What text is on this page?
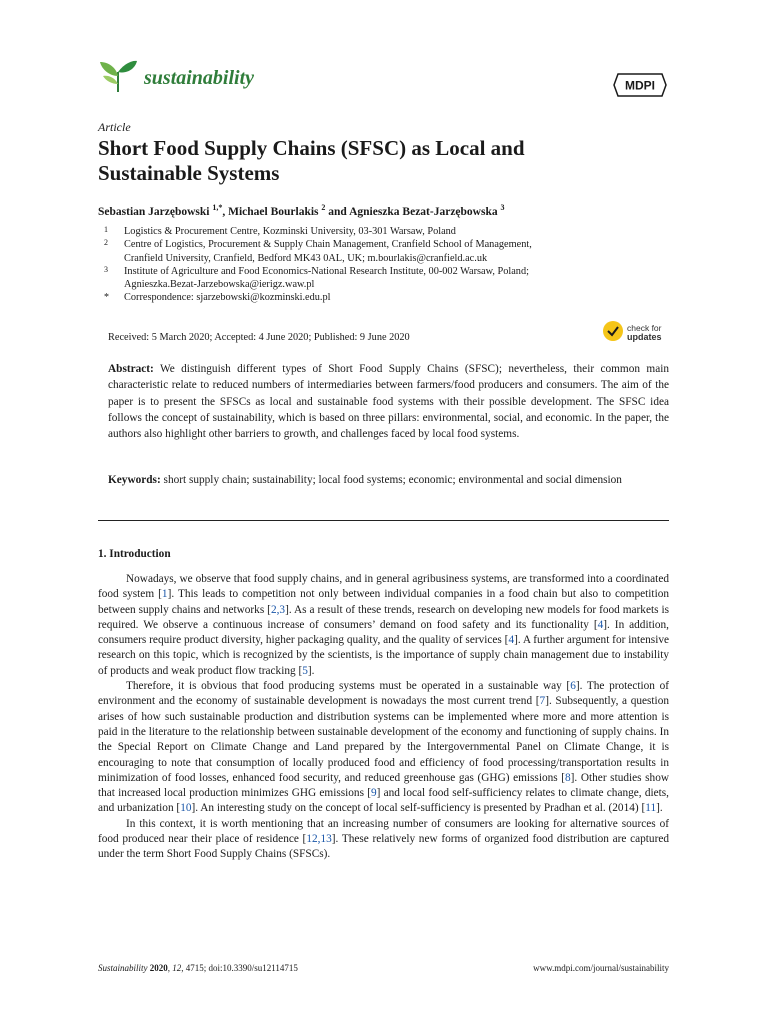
sustainability	MDPI
Article
Short Food Supply Chains (SFSC) as Local and
Sustainable Systems
Sebastian Jarzębowski $^{1,*}$, Michael Bourlakis $^2$ and Agnieszka Bezat-Jarzębowska $^3$
1 Logistics & Procurement Centre, Kozminski University, 03-301 Warsaw, Poland
2 Centre of Logistics, Procurement & Supply Chain Management, Cranfield School of Management,
Cranfield University, Cranfield, Bedford MK43 0AL, UK; m.bourlakis@cranfield.ac.uk
3 Institute of Agriculture and Food Economics-National Research Institute, 00-002 Warsaw, Poland;
Agnieszka.Bezat-Jarzebowska@ierigz.waw.pl
* Correspondence: sjarzebowski@kozminski.edu.pl
Received: 5 March 2020; Accepted: 4 June 2020; Published: 9 June 2020
check for
updates
Abstract: We distinguish different types of Short Food Supply Chains (SFSC); nevertheless, their common main characteristic relate to reduced numbers of intermediaries between farmers/food producers and consumers. The aim of the paper is to present the SFSCs as local and sustainable food systems with their possible development. The SFSC idea follows the concept of sustainability, which is based on three pillars: environmental, social, and economic. In the paper, the authors also highlight other barriers to growth, and challenges faced by local food systems.
Keywords: short supply chain; sustainability; local food systems; economic; environmental and social dimension
1. Introduction

Nowadays, we observe that food supply chains, and in general agribusiness systems, are transformed into a coordinated food system [1]. This leads to competition not only between individual companies in a food chain but also to competition between supply chains and networks [2,3]. As a result of these trends, research on developing new models for food markets is required. We observe a continuous increase of consumers’ demand on food safety and its functionality [4]. In addition, consumers require product diversity, higher packaging quality, and the quality of services [4]. A further argument for intensive research on this topic, which is recognized by the scientists, is the importance of supply chain management due to instability of products and weak product flow tracking [5].

Therefore, it is obvious that food producing systems must be operated in a sustainable way [6]. The protection of environment and the economy of sustainable development is nowadays the most current trend [7]. Subsequently, a question arises of how such sustainable production and distribution systems can be implemented where more and more attention is paid in the literature to the relationship between sustainable development of the economy and functioning of supply chains. In the Special Report on Climate Change and Land prepared by the Intergovernmental Panel on Climate Change, it is encouraging to note that consumption of locally produced food and efficiency of food processing/transportation results in minimization of food losses, enhanced food security, and reduced greenhouse gas (GHG) emissions [8]. Other studies show that increased local production minimizes GHG emissions [9] and local food self-sufficiency relates to climate change, diets, and urbanization [10]. An interesting study on the concept of local self-sufficiency is presented by Pradhan et al. (2014) [11].

In this context, it is worth mentioning that an increasing number of consumers are looking for alternative sources of food produced near their place of residence [12,13]. These relatively new forms of organized food distribution are captured under the term Short Food Supply Chains (SFSCs).

Sustainability 2020, 12, 4715; doi:10.3390/su12114715	www.mdpi.com/journal/sustainability
